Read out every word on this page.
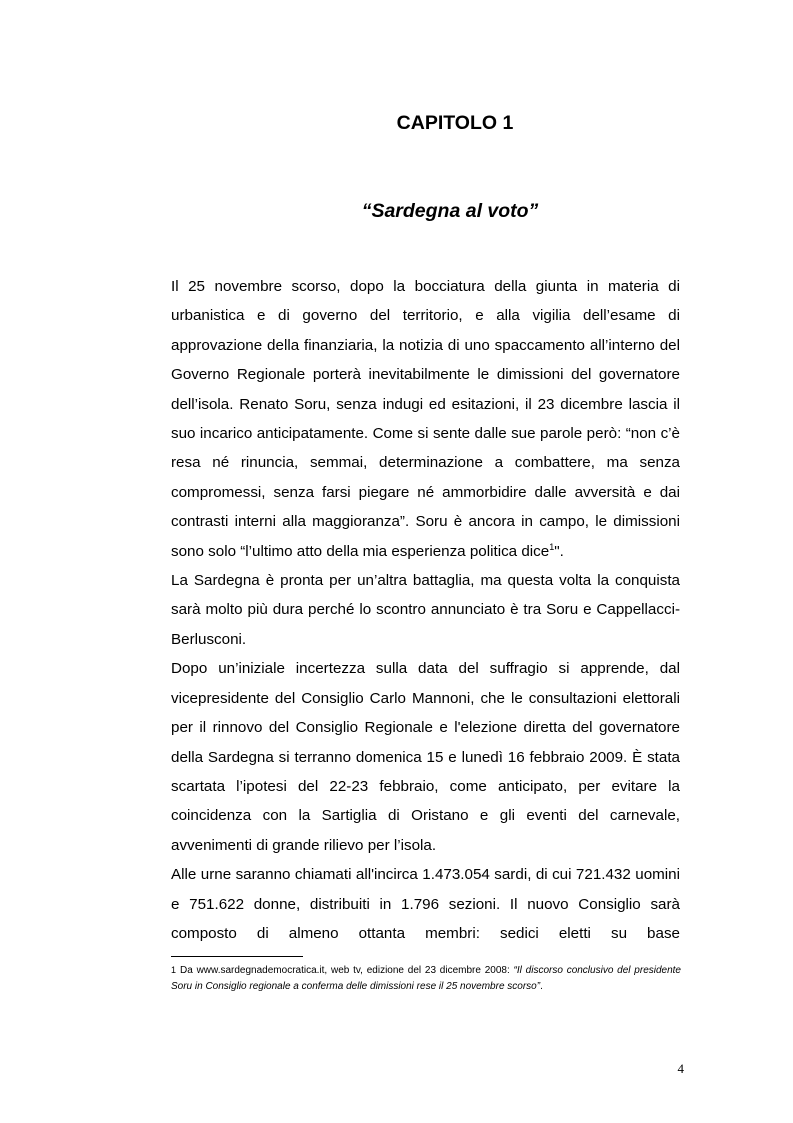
CAPITOLO 1
“Sardegna al voto”

Il 25 novembre scorso, dopo la bocciatura della giunta in materia di urbanistica e di governo del territorio, e alla vigilia dell’esame di approvazione della finanziaria, la notizia di uno spaccamento all’interno del Governo Regionale porterà inevitabilmente le dimissioni del governatore dell’isola. Renato Soru, senza indugi ed esitazioni, il 23 dicembre lascia il suo incarico anticipatamente. Come si sente dalle sue parole però: “non c’è resa né rinuncia, semmai, determinazione a combattere, ma senza compromessi, senza farsi piegare né ammorbidire dalle avversità e dai contrasti interni alla maggioranza”. Soru è ancora in campo, le dimissioni sono solo “l’ultimo atto della mia esperienza politica dice$^1$".

La Sardegna è pronta per un’altra battaglia, ma questa volta la conquista sarà molto più dura perché lo scontro annunciato è tra Soru e Cappellacci-Berlusconi.

Dopo un’iniziale incertezza sulla data del suffragio si apprende, dal vicepresidente del Consiglio Carlo Mannoni, che le consultazioni elettorali per il rinnovo del Consiglio Regionale e l'elezione diretta del governatore della Sardegna si terranno domenica 15 e lunedì 16 febbraio 2009. È stata scartata l’ipotesi del 22-23 febbraio, come anticipato, per evitare la coincidenza con la Sartiglia di Oristano e gli eventi del carnevale, avvenimenti di grande rilievo per l’isola.

Alle urne saranno chiamati all'incirca 1.473.054 sardi, di cui 721.432 uomini e 751.622 donne, distribuiti in 1.796 sezioni. Il nuovo Consiglio sarà composto di almeno ottanta membri: sedici eletti su base

1 Da www.sardegnademocratica.it, web tv, edizione del 23 dicembre 2008: “Il discorso conclusivo del presidente Soru in Consiglio regionale a conferma delle dimissioni rese il 25 novembre scorso”.
4
